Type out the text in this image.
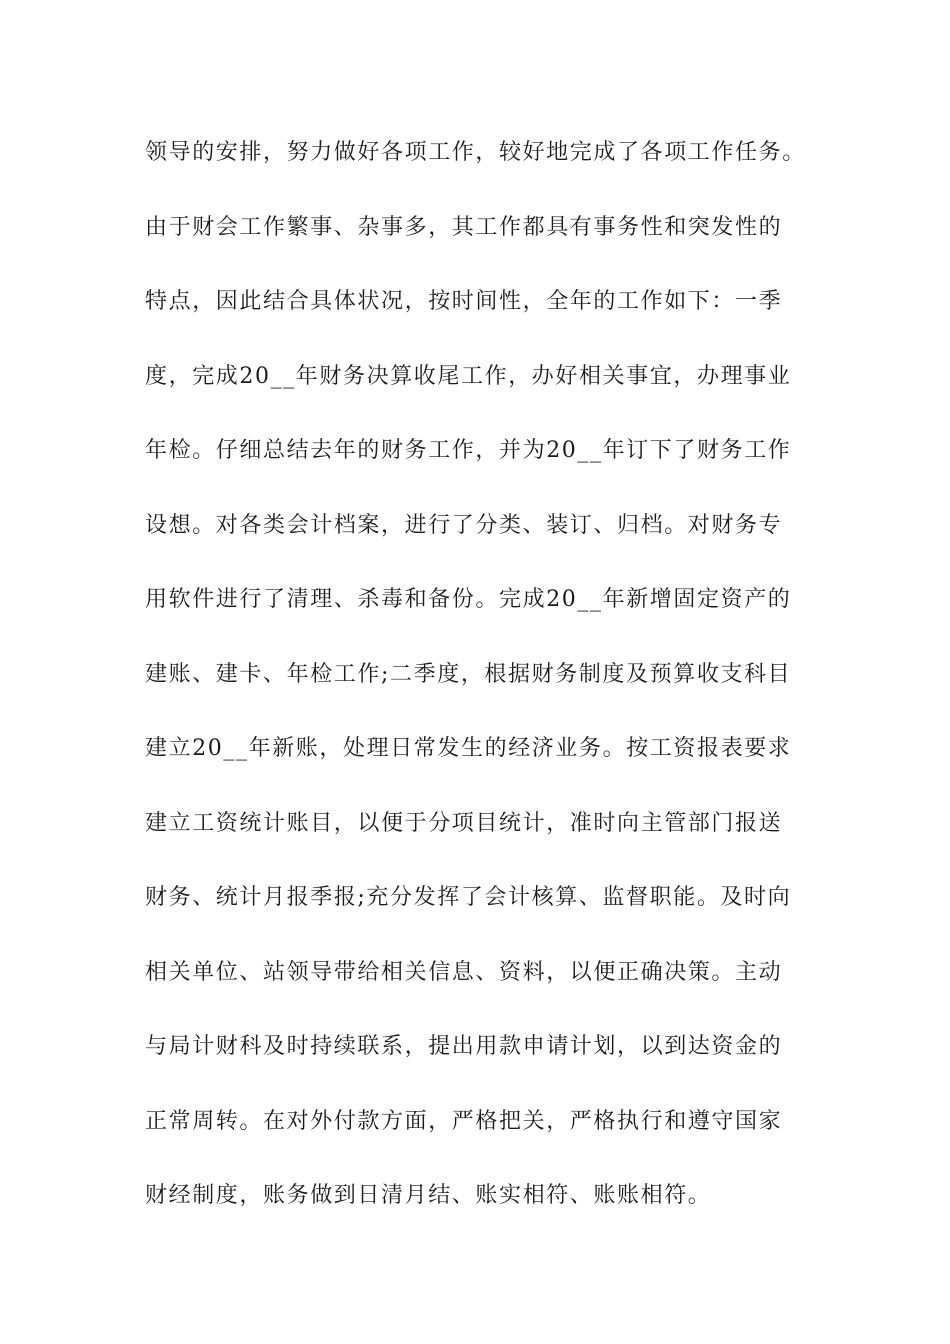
领导的安排，努力做好各项工作，较好地完成了各项工作任务。
由于财会工作繁事、杂事多，其工作都具有事务性和突发性的
特点，因此结合具体状况，按时间性，全年的工作如下：一季
度，完成20__年财务决算收尾工作，办好相关事宜，办理事业
年检。仔细总结去年的财务工作，并为20__年订下了财务工作
设想。对各类会计档案，进行了分类、装订、归档。对财务专
用软件进行了清理、杀毒和备份。完成20__年新增固定资产的
建账、建卡、年检工作;二季度，根据财务制度及预算收支科目
建立20__年新账，处理日常发生的经济业务。按工资报表要求
建立工资统计账目，以便于分项目统计，准时向主管部门报送
财务、统计月报季报;充分发挥了会计核算、监督职能。及时向
相关单位、站领导带给相关信息、资料，以便正确决策。主动
与局计财科及时持续联系，提出用款申请计划，以到达资金的
正常周转。在对外付款方面，严格把关，严格执行和遵守国家
财经制度，账务做到日清月结、账实相符、账账相符。
